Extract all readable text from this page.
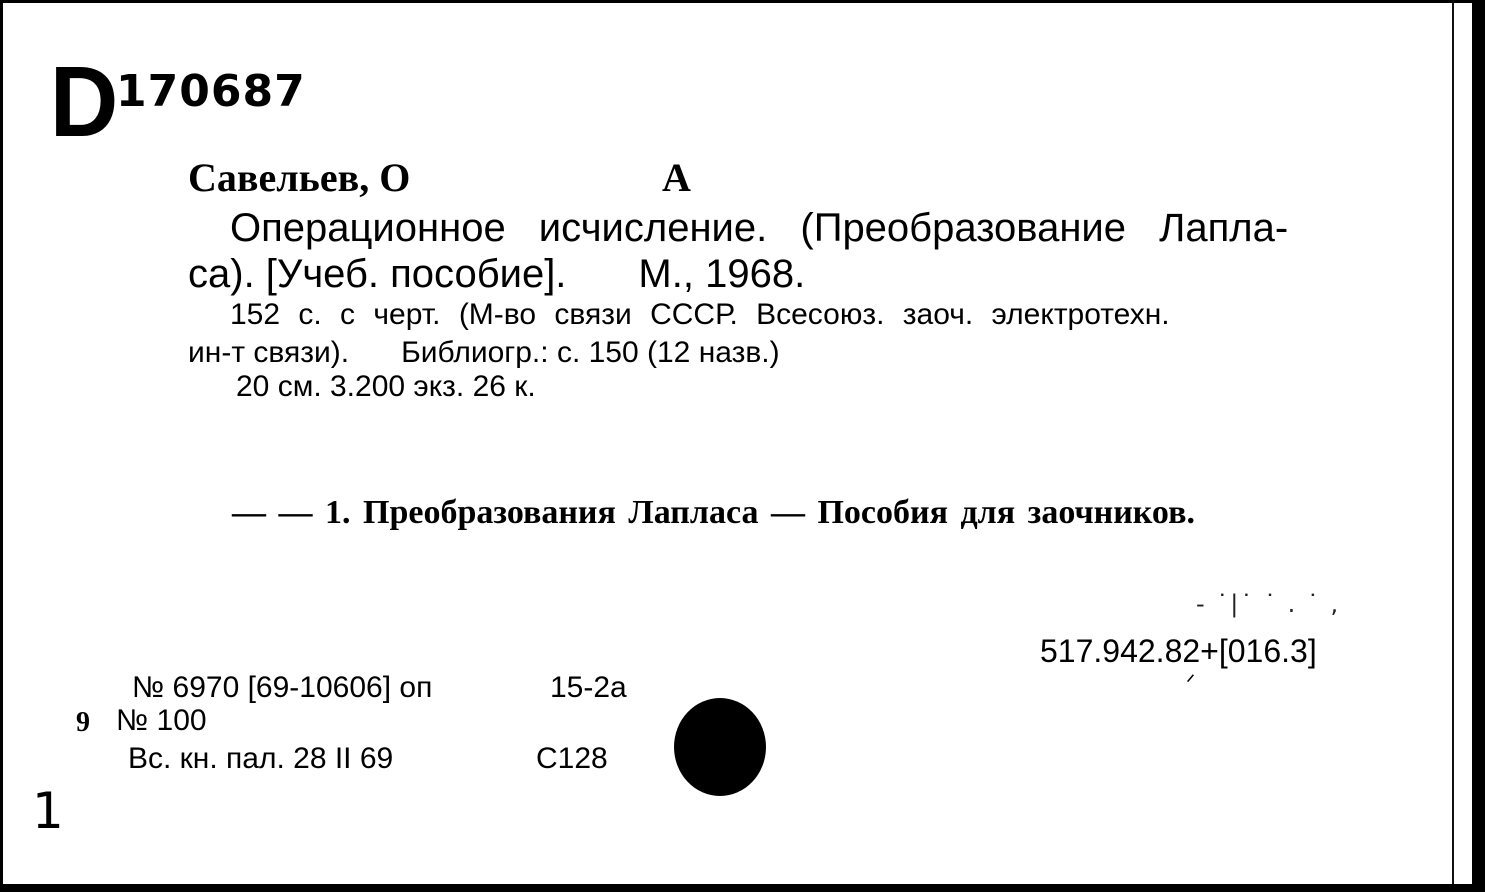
D
170687
Савельев, О	А
Операционное исчисление. (Преобразование Лапла-
са). [Учеб. пособие]. М., 1968.
152 с. с черт. (М-во связи СССР. Всесоюз. заоч. электротехн.
ин-т связи). Библиогр.: с. 150 (12 назв.)
20 см. 3.200 экз. 26 к.
— — 1. Преобразования Лапласа — Пособия для заочников.
- ˙|˙ ˙ . ˙ ,
517.942.82+[016.3]
ᐟ
№ 6970 [69-10606] оп	15-2а
9 № 100
Вс. кн. пал. 28 II 69	С128
1
